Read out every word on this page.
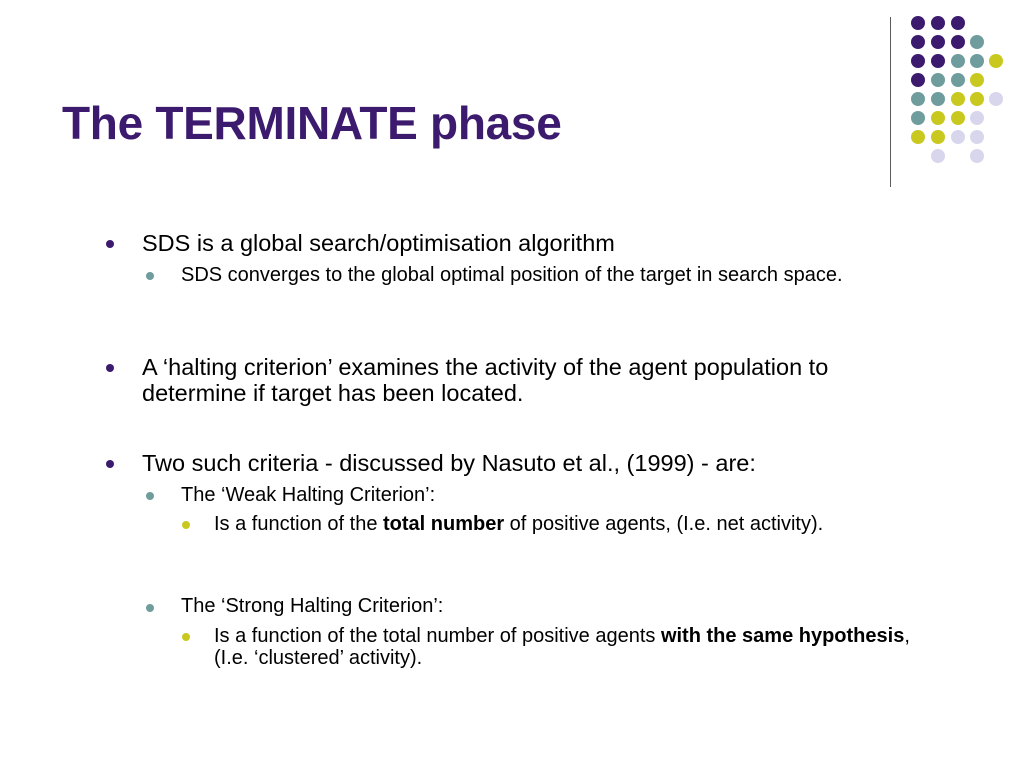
The TERMINATE phase
SDS is a global search/optimisation algorithm
SDS converges to the global optimal position of the target in search space.
A ‘halting criterion’ examines the activity of the agent population to determine if target has been located.
Two such criteria - discussed by Nasuto et al., (1999) - are:
The ‘Weak Halting Criterion’:
Is a function of the total number of positive agents, (I.e. net activity).
The ‘Strong Halting Criterion’:
Is a function of the total number of positive agents with the same hypothesis, (I.e. ‘clustered’ activity).
